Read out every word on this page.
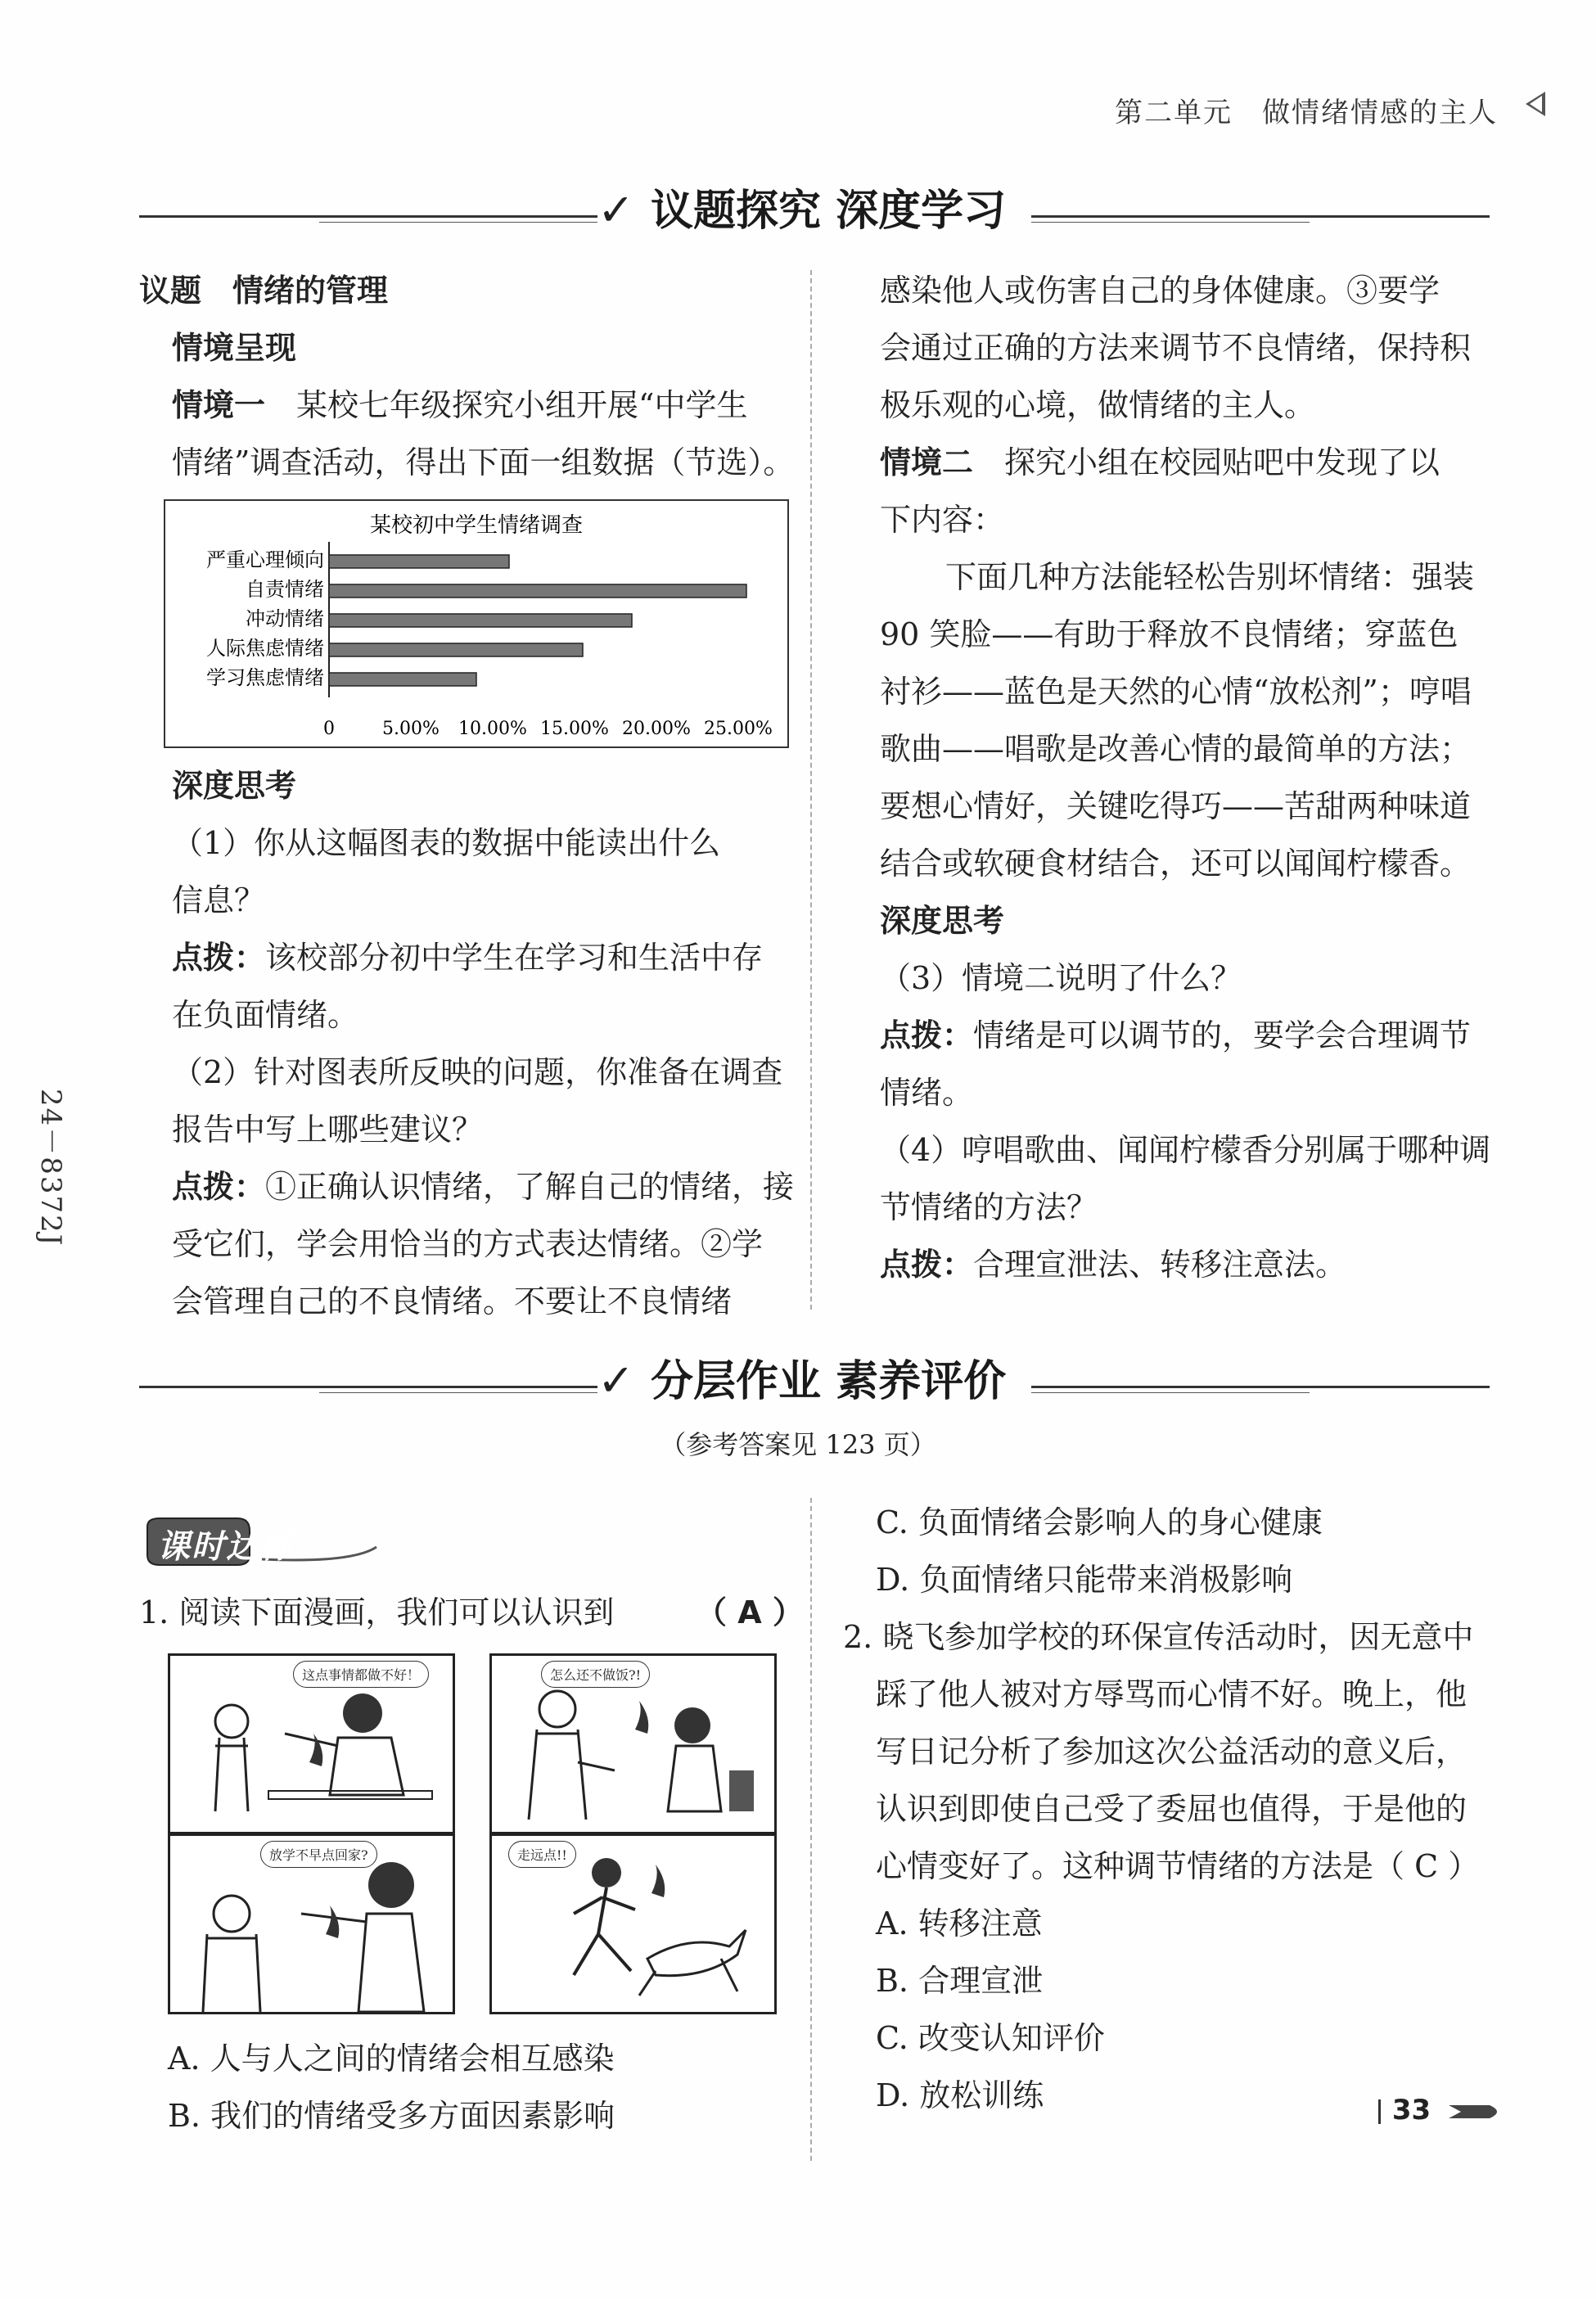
第二单元　做情绪情感的主人
✓ 议题探究 深度学习

议题　情绪的管理

情境呈现

情境一　 某校七年级探究小组开展“中学生

情绪”调查活动，得出下面一组数据（节选）。

某校初中学生情绪调查
严重心理倾向
自责情绪
冲动情绪
人际焦虑情绪
学习焦虑情绪
0	5.00% 10.00% 15.00% 20.00% 25.00%

深度思考

（1）你从这幅图表的数据中能读出什么

信息？

点拨：该校部分初中学生在学习和生活中存

在负面情绪。

（2）针对图表所反映的问题，你准备在调查

报告中写上哪些建议？

点拨：①正确认识情绪，了解自己的情绪，接

受它们，学会用恰当的方式表达情绪。②学

会管理自己的不良情绪。不要让不良情绪

感染他人或伤害自己的身体健康。③要学

会通过正确的方法来调节不良情绪，保持积

极乐观的心境，做情绪的主人。

情境二　 探究小组在校园贴吧中发现了以

下内容：

下面几种方法能轻松告别坏情绪：强装

90 笑脸——有助于释放不良情绪；穿蓝色

衬衫——蓝色是天然的心情“放松剂”；哼唱

歌曲——唱歌是改善心情的最简单的方法；

要想心情好，关键吃得巧——苦甜两种味道

结合或软硬食材结合，还可以闻闻柠檬香。

深度思考

（3）情境二说明了什么？

点拨：情绪是可以调节的，要学会合理调节

情绪。

（4）哼唱歌曲、闻闻柠檬香分别属于哪种调

节情绪的方法？

点拨：合理宣泄法、转移注意法。

✓ 分层作业 素养评价
（参考答案见 123 页）
课时达标
1. 阅读下面漫画，我们可以认识到	（ A ）
这点事情都做不好！	怎么还不做饭?!
放学不早点回家?	走远点!!
A. 人与人之间的情绪会相互感染
B. 我们的情绪受多方面因素影响

C. 负面情绪会影响人的身心健康

D. 负面情绪只能带来消极影响

2. 晓飞参加学校的环保宣传活动时，因无意中

踩了他人被对方辱骂而心情不好。晚上，他

写日记分析了参加这次公益活动的意义后，

认识到即使自己受了委屈也值得，于是他的

心情变好了。这种调节情绪的方法是（ C ）

A. 转移注意

B. 合理宣泄

C. 改变认知评价

D. 放松训练

24－8372J
33
